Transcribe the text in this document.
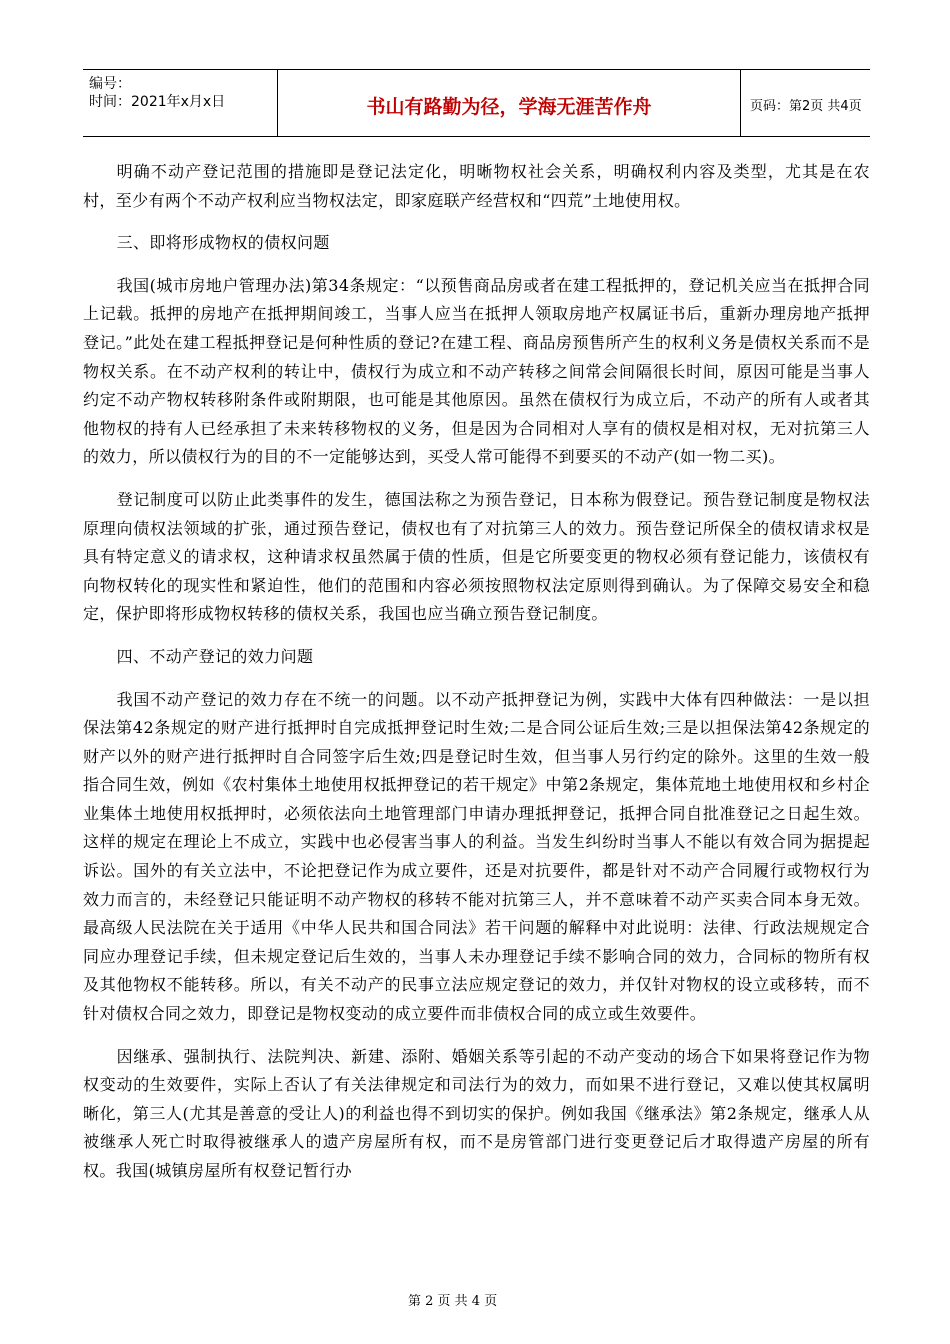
编号：
时间：2021年x月x日	书山有路勤为径，学海无涯苦作舟	页码：第2页 共4页

明确不动产登记范围的措施即是登记法定化，明晰物权社会关系，明确权利内容及类型，尤其是在农村，至少有两个不动产权利应当物权法定，即家庭联产经营权和“四荒”土地使用权。

三、即将形成物权的债权问题

我国(城市房地户管理办法)第34条规定：“以预售商品房或者在建工程抵押的，登记机关应当在抵押合同上记载。抵押的房地产在抵押期间竣工，当事人应当在抵押人领取房地产权属证书后，重新办理房地产抵押登记。”此处在建工程抵押登记是何种性质的登记?在建工程、商品房预售所产生的权利义务是债权关系而不是物权关系。在不动产权利的转让中，债权行为成立和不动产转移之间常会间隔很长时间，原因可能是当事人约定不动产物权转移附条件或附期限，也可能是其他原因。虽然在债权行为成立后，不动产的所有人或者其他物权的持有人已经承担了未来转移物权的义务，但是因为合同相对人享有的债权是相对权，无对抗第三人的效力，所以债权行为的目的不一定能够达到，买受人常可能得不到要买的不动产(如一物二买)。

登记制度可以防止此类事件的发生，德国法称之为预告登记，日本称为假登记。预告登记制度是物权法原理向债权法领域的扩张，通过预告登记，债权也有了对抗第三人的效力。预告登记所保全的债权请求权是具有特定意义的请求权，这种请求权虽然属于债的性质，但是它所要变更的物权必须有登记能力，该债权有向物权转化的现实性和紧迫性，他们的范围和内容必须按照物权法定原则得到确认。为了保障交易安全和稳定，保护即将形成物权转移的债权关系，我国也应当确立预告登记制度。

四、不动产登记的效力问题

我国不动产登记的效力存在不统一的问题。以不动产抵押登记为例，实践中大体有四种做法：一是以担保法第42条规定的财产进行抵押时自完成抵押登记时生效;二是合同公证后生效;三是以担保法第42条规定的财产以外的财产进行抵押时自合同签字后生效;四是登记时生效，但当事人另行约定的除外。这里的生效一般指合同生效，例如《农村集体土地使用权抵押登记的若干规定》中第2条规定，集体荒地土地使用权和乡村企业集体土地使用权抵押时，必须依法向土地管理部门申请办理抵押登记，抵押合同自批准登记之日起生效。这样的规定在理论上不成立，实践中也必侵害当事人的利益。当发生纠纷时当事人不能以有效合同为据提起诉讼。国外的有关立法中，不论把登记作为成立要件，还是对抗要件，都是针对不动产合同履行或物权行为效力而言的，未经登记只能证明不动产物权的移转不能对抗第三人，并不意味着不动产买卖合同本身无效。最高级人民法院在关于适用《中华人民共和国合同法》若干问题的解释中对此说明：法律、行政法规规定合同应办理登记手续，但未规定登记后生效的，当事人未办理登记手续不影响合同的效力，合同标的物所有权及其他物权不能转移。所以，有关不动产的民事立法应规定登记的效力，并仅针对物权的设立或移转，而不针对债权合同之效力，即登记是物权变动的成立要件而非债权合同的成立或生效要件。

因继承、强制执行、法院判决、新建、添附、婚姻关系等引起的不动产变动的场合下如果将登记作为物权变动的生效要件，实际上否认了有关法律规定和司法行为的效力，而如果不进行登记，又难以使其权属明晰化，第三人(尤其是善意的受让人)的利益也得不到切实的保护。例如我国《继承法》第2条规定，继承人从被继承人死亡时取得被继承人的遗产房屋所有权，而不是房管部门进行变更登记后才取得遗产房屋的所有权。我国(城镇房屋所有权登记暂行办

第 2 页 共 4 页
